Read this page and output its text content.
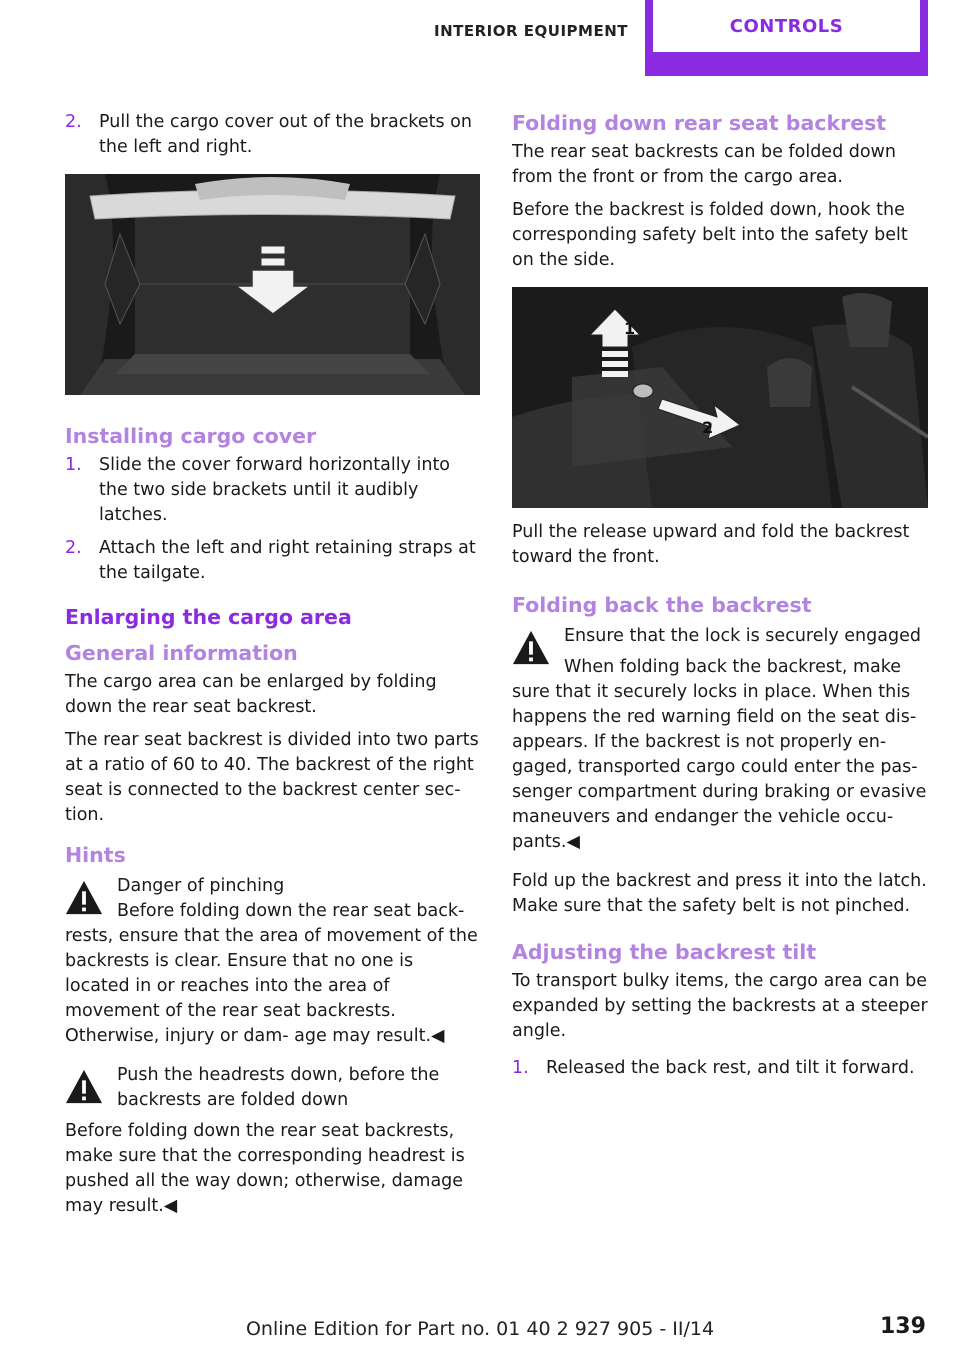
INTERIOR EQUIPMENT	CONTROLS
2. Pull the cargo cover out of the brackets on the left and right.
Installing cargo cover
1. Slide the cover forward horizontally into the two side brackets until it audibly latches.
2. Attach the left and right retaining straps at the tailgate.
Enlarging the cargo area
General information

The cargo area can be enlarged by folding down the rear seat backrest.

The rear seat backrest is divided into two parts at a ratio of 60 to 40. The backrest of the right seat is connected to the backrest center sec‐ tion.

Hints
Danger of pinching
Before folding down the rear seat back‐

rests, ensure that the area of movement of the backrests is clear. Ensure that no one is located in or reaches into the area of movement of the rear seat backrests. Otherwise, injury or dam‐ age may result.◀

Push the headrests down, before the backrests are folded down

Before folding down the rear seat backrests, make sure that the corresponding headrest is pushed all the way down; otherwise, damage may result.◀

Folding down rear seat backrest

The rear seat backrests can be folded down from the front or from the cargo area.

Before the backrest is folded down, hook the corresponding safety belt into the safety belt on the side.

1
2

Pull the release upward and fold the backrest toward the front.

Folding back the backrest
Ensure that the lock is securely engaged
When folding back the backrest, make

sure that it securely locks in place. When this happens the red warning field on the seat dis‐ appears. If the backrest is not properly en‐ gaged, transported cargo could enter the pas‐ senger compartment during braking or evasive maneuvers and endanger the vehicle occu‐ pants.◀

Fold up the backrest and press it into the latch. Make sure that the safety belt is not pinched.

Adjusting the backrest tilt

To transport bulky items, the cargo area can be expanded by setting the backrests at a steeper angle.

1. Released the back rest, and tilt it forward.
Online Edition for Part no. 01 40 2 927 905 - II/14	139
